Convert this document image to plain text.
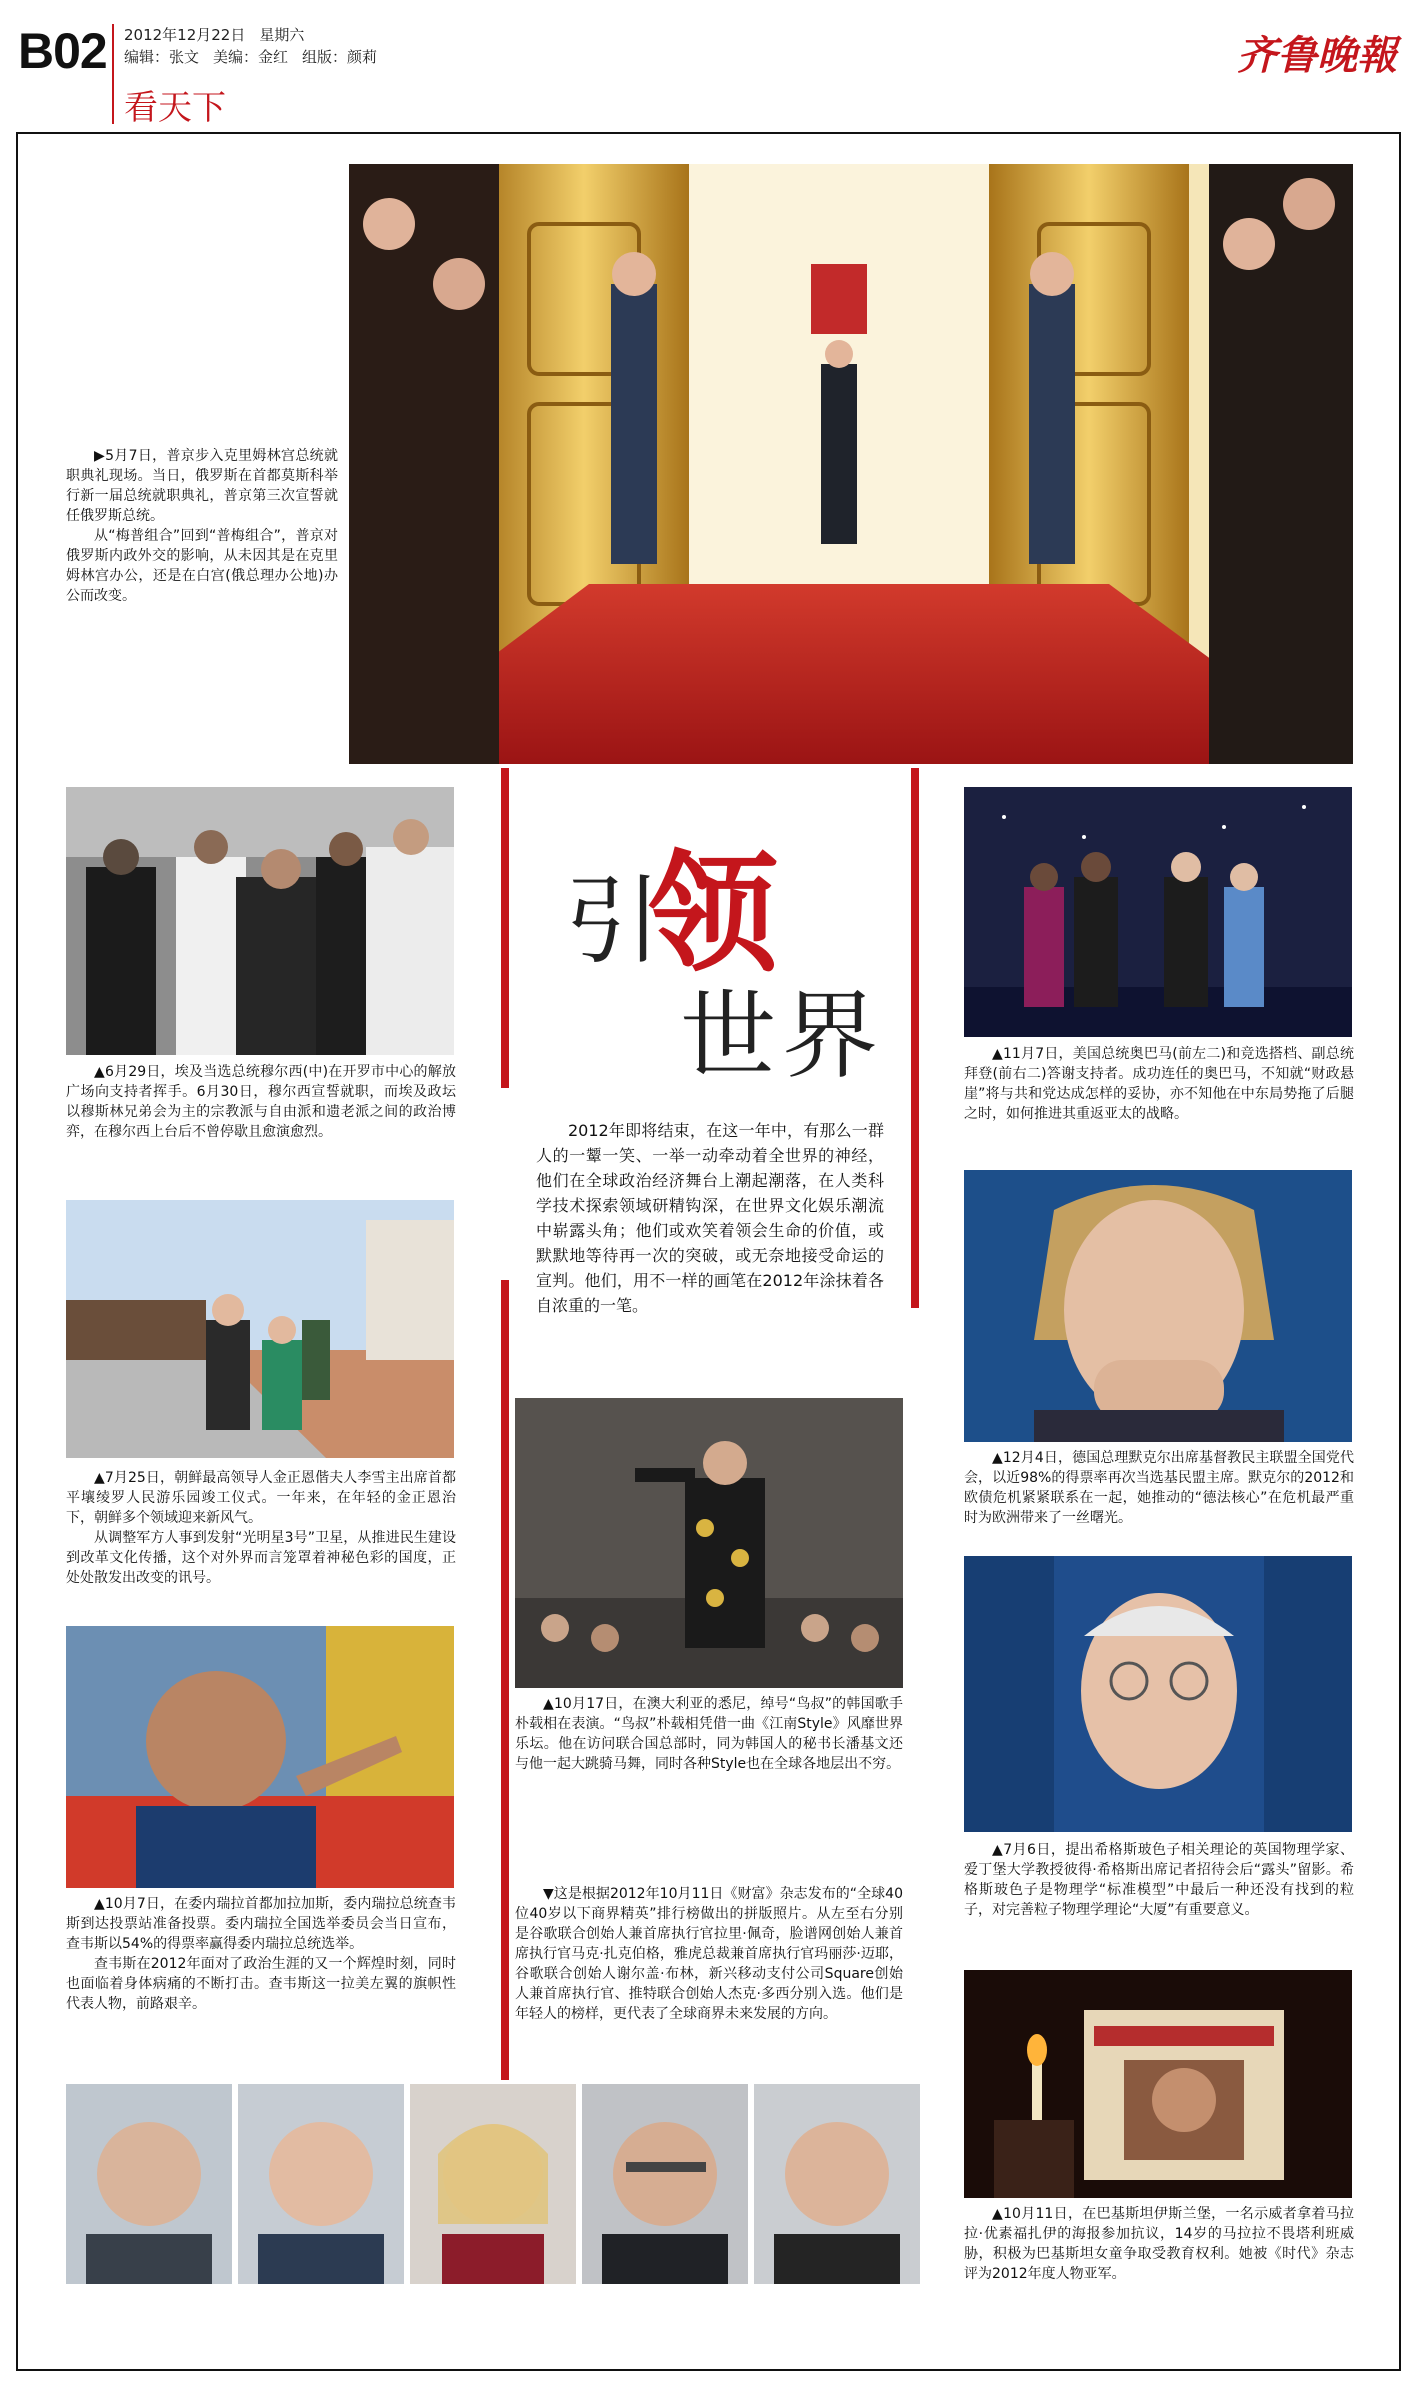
B02 2012年12月22日 星期六
编辑：张文 美编：金红 组版：颜莉
看天下
齐鲁晚報

▶5月7日，普京步入克里姆林宫总统就职典礼现场。当日，俄罗斯在首都莫斯科举行新一届总统就职典礼，普京第三次宣誓就任俄罗斯总统。

从“梅普组合”回到“普梅组合”，普京对俄罗斯内政外交的影响，从未因其是在克里姆林宫办公，还是在白宫(俄总理办公地)办公而改变。

引
领
世界
2012年即将结束，在这一年中，有那么一群人的一颦一笑、一举一动牵动着全世界的神经，他们在全球政治经济舞台上潮起潮落，在人类科学技术探索领域研精钩深，在世界文化娱乐潮流中崭露头角；他们或欢笑着领会生命的价值，或默默地等待再一次的突破，或无奈地接受命运的宣判。他们，用不一样的画笔在2012年涂抹着各自浓重的一笔。

▲6月29日，埃及当选总统穆尔西(中)在开罗市中心的解放广场向支持者挥手。6月30日，穆尔西宣誓就职，而埃及政坛以穆斯林兄弟会为主的宗教派与自由派和遗老派之间的政治博弈，在穆尔西上台后不曾停歇且愈演愈烈。

▲7月25日，朝鲜最高领导人金正恩偕夫人李雪主出席首都平壤绫罗人民游乐园竣工仪式。一年来，在年轻的金正恩治下，朝鲜多个领域迎来新风气。

从调整军方人事到发射“光明星3号”卫星，从推进民生建设到改革文化传播，这个对外界而言笼罩着神秘色彩的国度，正处处散发出改变的讯号。

▲10月7日，在委内瑞拉首都加拉加斯，委内瑞拉总统查韦斯到达投票站准备投票。委内瑞拉全国选举委员会当日宣布，查韦斯以54%的得票率赢得委内瑞拉总统选举。

查韦斯在2012年面对了政治生涯的又一个辉煌时刻，同时也面临着身体病痛的不断打击。查韦斯这一拉美左翼的旗帜性代表人物，前路艰辛。

▲10月17日，在澳大利亚的悉尼，绰号“鸟叔”的韩国歌手朴载相在表演。“鸟叔”朴载相凭借一曲《江南Style》风靡世界乐坛。他在访问联合国总部时，同为韩国人的秘书长潘基文还与他一起大跳骑马舞，同时各种Style也在全球各地层出不穷。

▼这是根据2012年10月11日《财富》杂志发布的“全球40位40岁以下商界精英”排行榜做出的拼版照片。从左至右分别是谷歌联合创始人兼首席执行官拉里·佩奇，脸谱网创始人兼首席执行官马克·扎克伯格，雅虎总裁兼首席执行官玛丽莎·迈耶，谷歌联合创始人谢尔盖·布林，新兴移动支付公司Square创始人兼首席执行官、推特联合创始人杰克·多西分别入选。他们是年轻人的榜样，更代表了全球商界未来发展的方向。

▲11月7日，美国总统奥巴马(前左二)和竞选搭档、副总统拜登(前右二)答谢支持者。成功连任的奥巴马，不知就“财政悬崖”将与共和党达成怎样的妥协，亦不知他在中东局势拖了后腿之时，如何推进其重返亚太的战略。

▲12月4日，德国总理默克尔出席基督教民主联盟全国党代会，以近98%的得票率再次当选基民盟主席。默克尔的2012和欧债危机紧紧联系在一起，她推动的“德法核心”在危机最严重时为欧洲带来了一丝曙光。

▲7月6日，提出希格斯玻色子相关理论的英国物理学家、爱丁堡大学教授彼得·希格斯出席记者招待会后“露头”留影。希格斯玻色子是物理学“标准模型”中最后一种还没有找到的粒子，对完善粒子物理学理论“大厦”有重要意义。

▲10月11日，在巴基斯坦伊斯兰堡，一名示威者拿着马拉拉·优素福扎伊的海报参加抗议，14岁的马拉拉不畏塔利班威胁，积极为巴基斯坦女童争取受教育权利。她被《时代》杂志评为2012年度人物亚军。
